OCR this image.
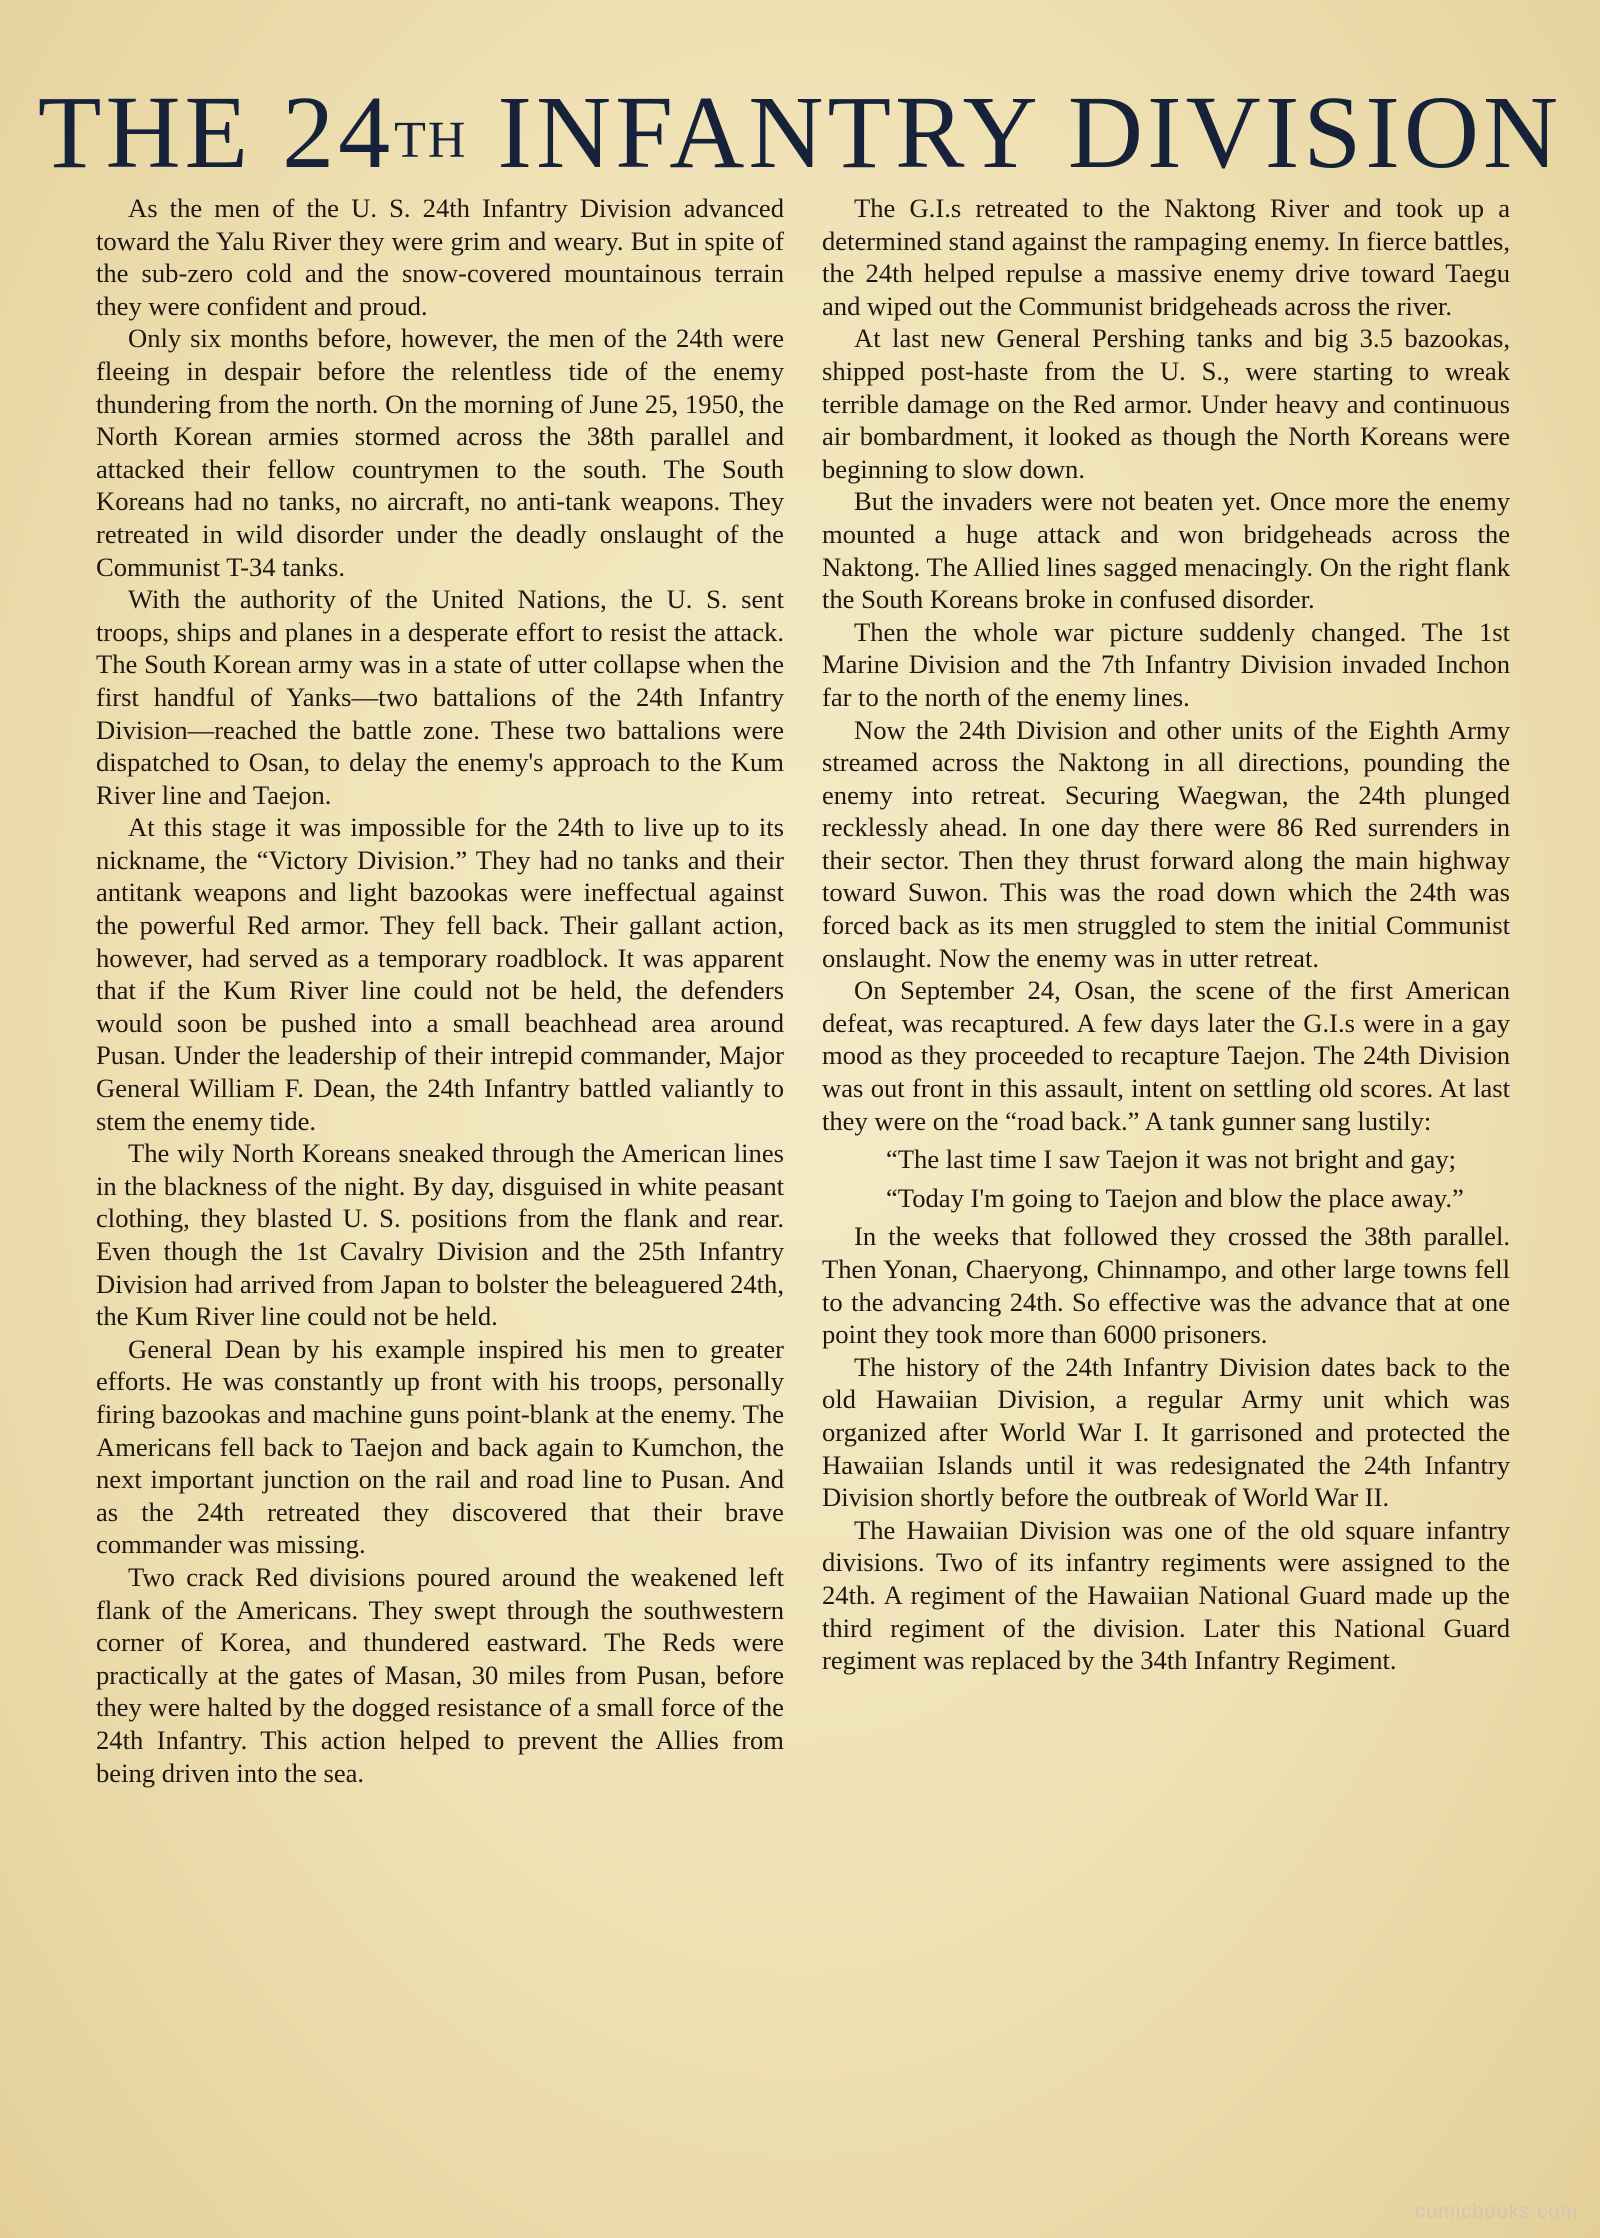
THE 24TH INFANTRY DIVISION

As the men of the U. S. 24th Infantry Division advanced toward the Yalu River they were grim and weary. But in spite of the sub-zero cold and the snow-covered mountainous terrain they were confident and proud.

Only six months before, however, the men of the 24th were fleeing in despair before the relentless tide of the enemy thundering from the north. On the morning of June 25, 1950, the North Korean armies stormed across the 38th parallel and attacked their fellow countrymen to the south. The South Koreans had no tanks, no aircraft, no anti-tank weapons. They retreated in wild disorder under the deadly onslaught of the Communist T-34 tanks.

With the authority of the United Nations, the U. S. sent troops, ships and planes in a desperate effort to resist the attack. The South Korean army was in a state of utter collapse when the first handful of Yanks—two battalions of the 24th Infantry Division—reached the battle zone. These two battalions were dispatched to Osan, to delay the enemy's approach to the Kum River line and Taejon.

At this stage it was impossible for the 24th to live up to its nickname, the “Victory Division.” They had no tanks and their antitank weapons and light bazookas were ineffectual against the powerful Red armor. They fell back. Their gallant action, however, had served as a temporary roadblock. It was apparent that if the Kum River line could not be held, the defenders would soon be pushed into a small beachhead area around Pusan. Under the leadership of their intrepid commander, Major General William F. Dean, the 24th Infantry battled valiantly to stem the enemy tide.

The wily North Koreans sneaked through the American lines in the blackness of the night. By day, disguised in white peasant clothing, they blasted U. S. positions from the flank and rear. Even though the 1st Cavalry Division and the 25th Infantry Division had arrived from Japan to bolster the beleaguered 24th, the Kum River line could not be held.

General Dean by his example inspired his men to greater efforts. He was constantly up front with his troops, personally firing bazookas and machine guns point-blank at the enemy. The Americans fell back to Taejon and back again to Kumchon, the next important junction on the rail and road line to Pusan. And as the 24th retreated they discovered that their brave commander was missing.

Two crack Red divisions poured around the weakened left flank of the Americans. They swept through the southwestern corner of Korea, and thundered eastward. The Reds were practically at the gates of Masan, 30 miles from Pusan, before they were halted by the dogged resistance of a small force of the 24th Infantry. This action helped to prevent the Allies from being driven into the sea.

The G.I.s retreated to the Naktong River and took up a determined stand against the rampaging enemy. In fierce battles, the 24th helped repulse a massive enemy drive toward Taegu and wiped out the Communist bridgeheads across the river.

At last new General Pershing tanks and big 3.5 bazookas, shipped post-haste from the U. S., were starting to wreak terrible damage on the Red armor. Under heavy and continuous air bombardment, it looked as though the North Koreans were beginning to slow down.

But the invaders were not beaten yet. Once more the enemy mounted a huge attack and won bridgeheads across the Naktong. The Allied lines sagged menacingly. On the right flank the South Koreans broke in confused disorder.

Then the whole war picture suddenly changed. The 1st Marine Division and the 7th Infantry Division invaded Inchon far to the north of the enemy lines.

Now the 24th Division and other units of the Eighth Army streamed across the Naktong in all directions, pounding the enemy into retreat. Securing Waegwan, the 24th plunged recklessly ahead. In one day there were 86 Red surrenders in their sector. Then they thrust forward along the main highway toward Suwon. This was the road down which the 24th was forced back as its men struggled to stem the initial Communist onslaught. Now the enemy was in utter retreat.

On September 24, Osan, the scene of the first American defeat, was recaptured. A few days later the G.I.s were in a gay mood as they proceeded to recapture Taejon. The 24th Division was out front in this assault, intent on settling old scores. At last they were on the “road back.” A tank gunner sang lustily:

“The last time I saw Taejon it was not bright and gay;

“Today I'm going to Taejon and blow the place away.”

In the weeks that followed they crossed the 38th parallel. Then Yonan, Chaeryong, Chinnampo, and other large towns fell to the advancing 24th. So effective was the advance that at one point they took more than 6000 prisoners.

The history of the 24th Infantry Division dates back to the old Hawaiian Division, a regular Army unit which was organized after World War I. It garrisoned and protected the Hawaiian Islands until it was redesignated the 24th Infantry Division shortly before the outbreak of World War II.

The Hawaiian Division was one of the old square infantry divisions. Two of its infantry regiments were assigned to the 24th. A regiment of the Hawaiian National Guard made up the third regiment of the division. Later this National Guard regiment was replaced by the 34th Infantry Regiment.

comicbooks.com
